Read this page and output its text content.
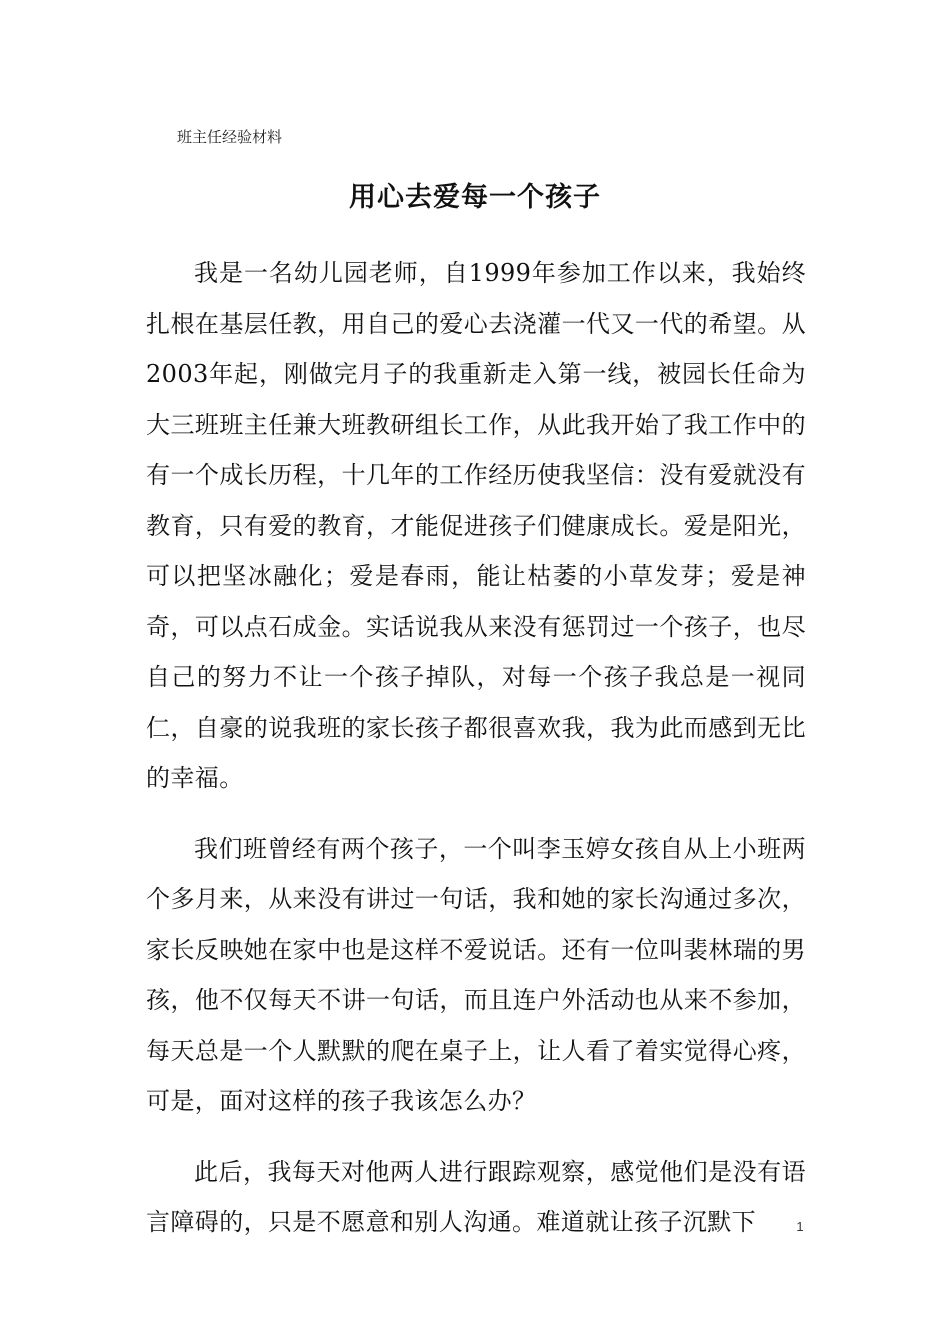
班主任经验材料
用心去爱每一个孩子

我是一名幼儿园老师，自1999年参加工作以来，我始终扎根在基层任教，用自己的爱心去浇灌一代又一代的希望。从2003年起，刚做完月子的我重新走入第一线，被园长任命为大三班班主任兼大班教研组长工作，从此我开始了我工作中的有一个成长历程，十几年的工作经历使我坚信：没有爱就没有教育，只有爱的教育，才能促进孩子们健康成长。爱是阳光，可以把坚冰融化；爱是春雨，能让枯萎的小草发芽；爱是神奇，可以点石成金。实话说我从来没有惩罚过一个孩子，也尽自己的努力不让一个孩子掉队，对每一个孩子我总是一视同仁，自豪的说我班的家长孩子都很喜欢我，我为此而感到无比的幸福。

我们班曾经有两个孩子，一个叫李玉婷女孩自从上小班两个多月来，从来没有讲过一句话，我和她的家长沟通过多次，家长反映她在家中也是这样不爱说话。还有一位叫裴林瑞的男孩，他不仅每天不讲一句话，而且连户外活动也从来不参加，每天总是一个人默默的爬在桌子上，让人看了着实觉得心疼，可是，面对这样的孩子我该怎么办？

此后，我每天对他两人进行跟踪观察，感觉他们是没有语言障碍的，只是不愿意和别人沟通。难道就让孩子沉默下	1
